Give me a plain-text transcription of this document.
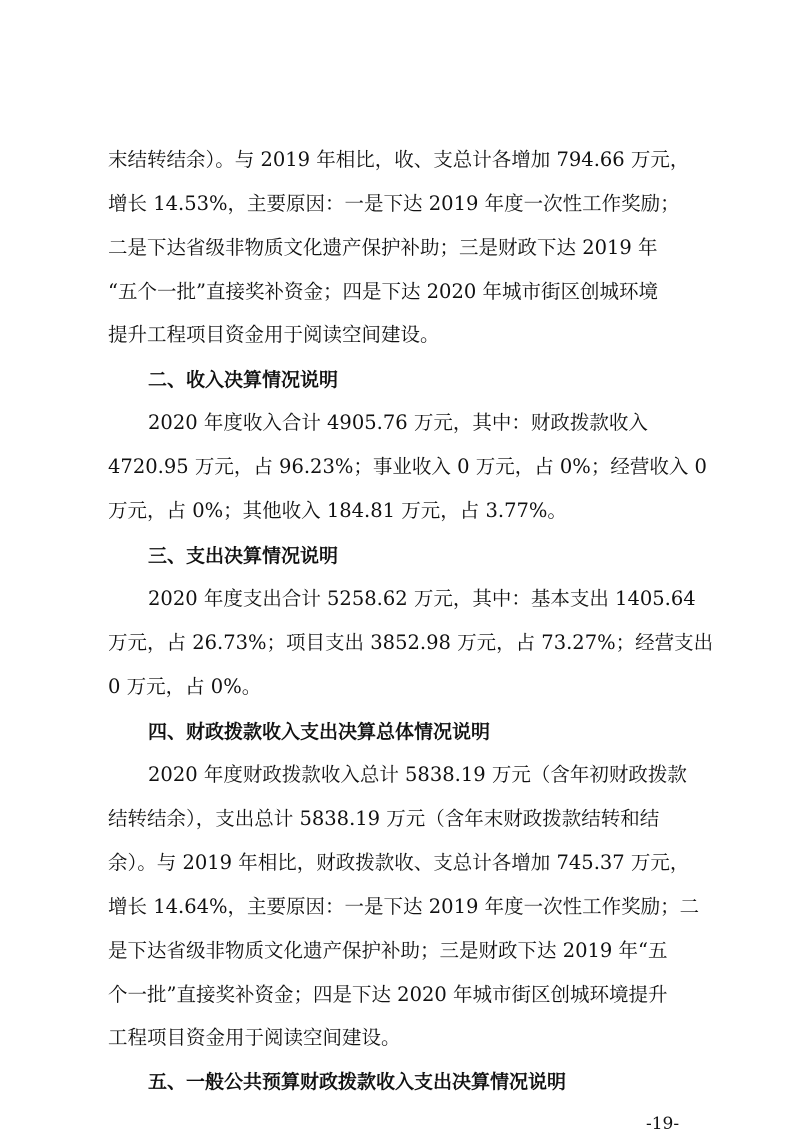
末结转结余）。与 2019 年相比，收、支总计各增加 794.66 万元，

增长 14.53%，主要原因：一是下达 2019 年度一次性工作奖励；

二是下达省级非物质文化遗产保护补助；三是财政下达 2019 年

“五个一批”直接奖补资金；四是下达 2020 年城市街区创城环境

提升工程项目资金用于阅读空间建设。

二、收入决算情况说明

2020 年度收入合计 4905.76 万元，其中：财政拨款收入

4720.95 万元，占 96.23%；事业收入 0 万元，占 0%；经营收入 0

万元，占 0%；其他收入 184.81 万元，占 3.77%。

三、支出决算情况说明

2020 年度支出合计 5258.62 万元，其中：基本支出 1405.64

万元，占 26.73%；项目支出 3852.98 万元，占 73.27%；经营支出

0 万元，占 0%。

四、财政拨款收入支出决算总体情况说明

2020 年度财政拨款收入总计 5838.19 万元（含年初财政拨款

结转结余），支出总计 5838.19 万元（含年末财政拨款结转和结

余）。与 2019 年相比，财政拨款收、支总计各增加 745.37 万元，

增长 14.64%，主要原因：一是下达 2019 年度一次性工作奖励；二

是下达省级非物质文化遗产保护补助；三是财政下达 2019 年“五

个一批”直接奖补资金；四是下达 2020 年城市街区创城环境提升

工程项目资金用于阅读空间建设。

五、一般公共预算财政拨款收入支出决算情况说明

-19-
